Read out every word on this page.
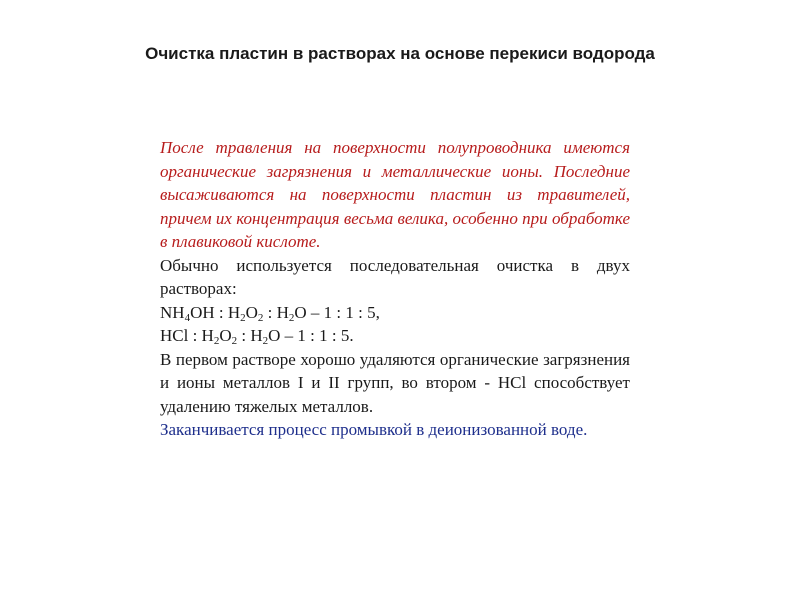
Очистка пластин в растворах на основе перекиси водорода

После травления на поверхности полупроводника имеются органические загрязнения и металлические ионы. Последние высаживаются на поверхности пластин из травителей, причем их концентрация весьма велика, особенно при обработке в плавиковой кислоте.

Обычно используется последовательная очистка в двух растворах:

$NH_4OH$ : $H_2O_2$ : $H_2O - 1$ : 1 : 5,
HCl : $H_2O_2$ : $H_2O - 1$ : 1 : 5.

В первом растворе хорошо удаляются органические загрязнения и ионы металлов I и II групп, во втором - HCl способствует удалению тяжелых металлов.

Заканчивается процесс промывкой в деионизованной воде.
